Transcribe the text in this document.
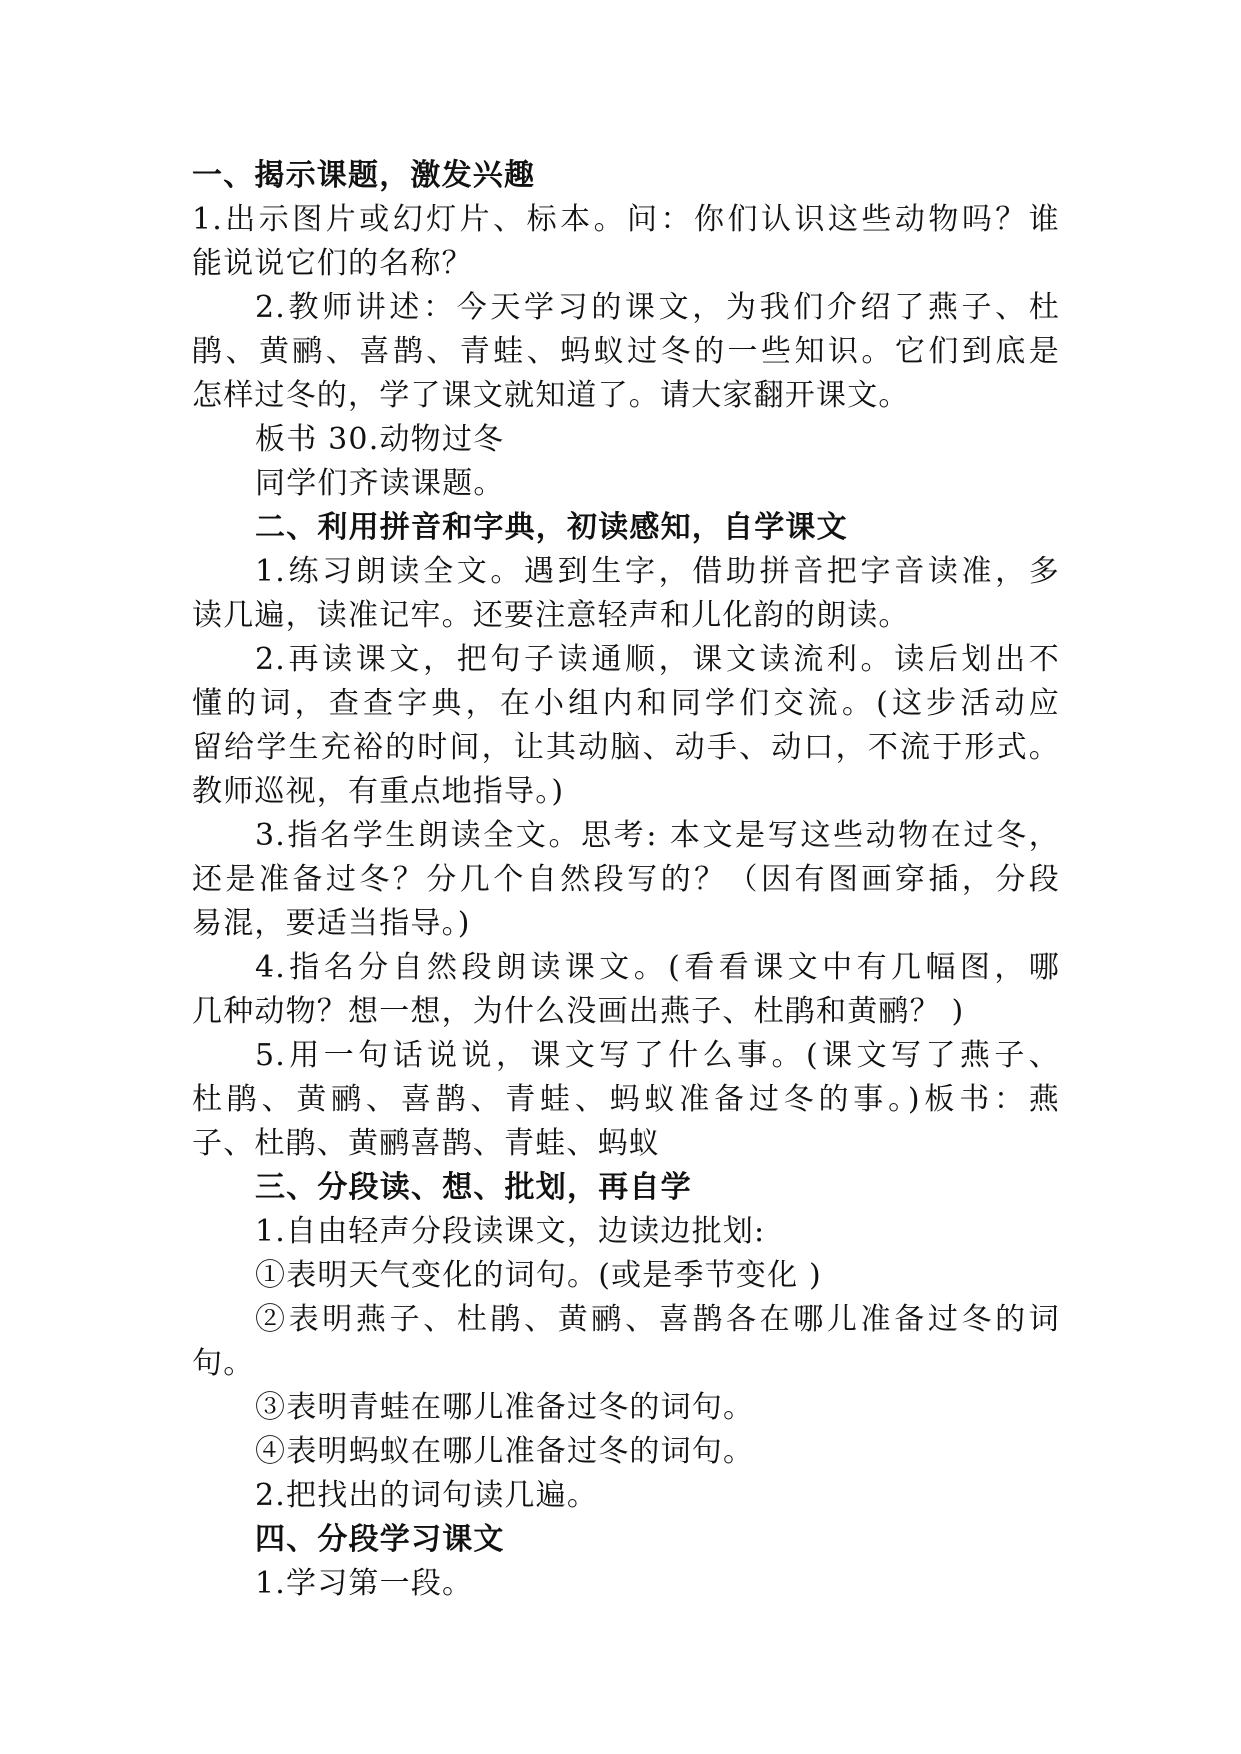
一、揭示课题，激发兴趣
1.出示图片或幻灯片、标本。问：你们认识这些动物吗？谁
能说说它们的名称？
2.教师讲述：今天学习的课文，为我们介绍了燕子、杜
鹃、黄鹂、喜鹊、青蛙、蚂蚁过冬的一些知识。它们到底是
怎样过冬的，学了课文就知道了。请大家翻开课文。
板书 30.动物过冬
同学们齐读课题。
二、利用拼音和字典，初读感知，自学课文
1.练习朗读全文。遇到生字，借助拼音把字音读准，多
读几遍，读准记牢。还要注意轻声和儿化韵的朗读。
2.再读课文，把句子读通顺，课文读流利。读后划出不
懂的词，查查字典，在小组内和同学们交流。(这步活动应
留给学生充裕的时间，让其动脑、动手、动口，不流于形式。
教师巡视，有重点地指导。)
3.指名学生朗读全文。思考: 本文是写这些动物在过冬，
还是准备过冬？分几个自然段写的？（因有图画穿插，分段
易混，要适当指导。)
4.指名分自然段朗读课文。(看看课文中有几幅图，哪
几种动物？想一想，为什么没画出燕子、杜鹃和黄鹂？ )
5.用一句话说说，课文写了什么事。(课文写了燕子、
杜鹃、黄鹂、喜鹊、青蛙、蚂蚁准备过冬的事。)板书：燕
子、杜鹃、黄鹂喜鹊、青蛙、蚂蚁
三、分段读、想、批划，再自学
1.自由轻声分段读课文，边读边批划:
①表明天气变化的词句。(或是季节变化 )
②表明燕子、杜鹃、黄鹂、喜鹊各在哪儿准备过冬的词
句。
③表明青蛙在哪儿准备过冬的词句。
④表明蚂蚁在哪儿准备过冬的词句。
2.把找出的词句读几遍。
四、分段学习课文
1.学习第一段。
